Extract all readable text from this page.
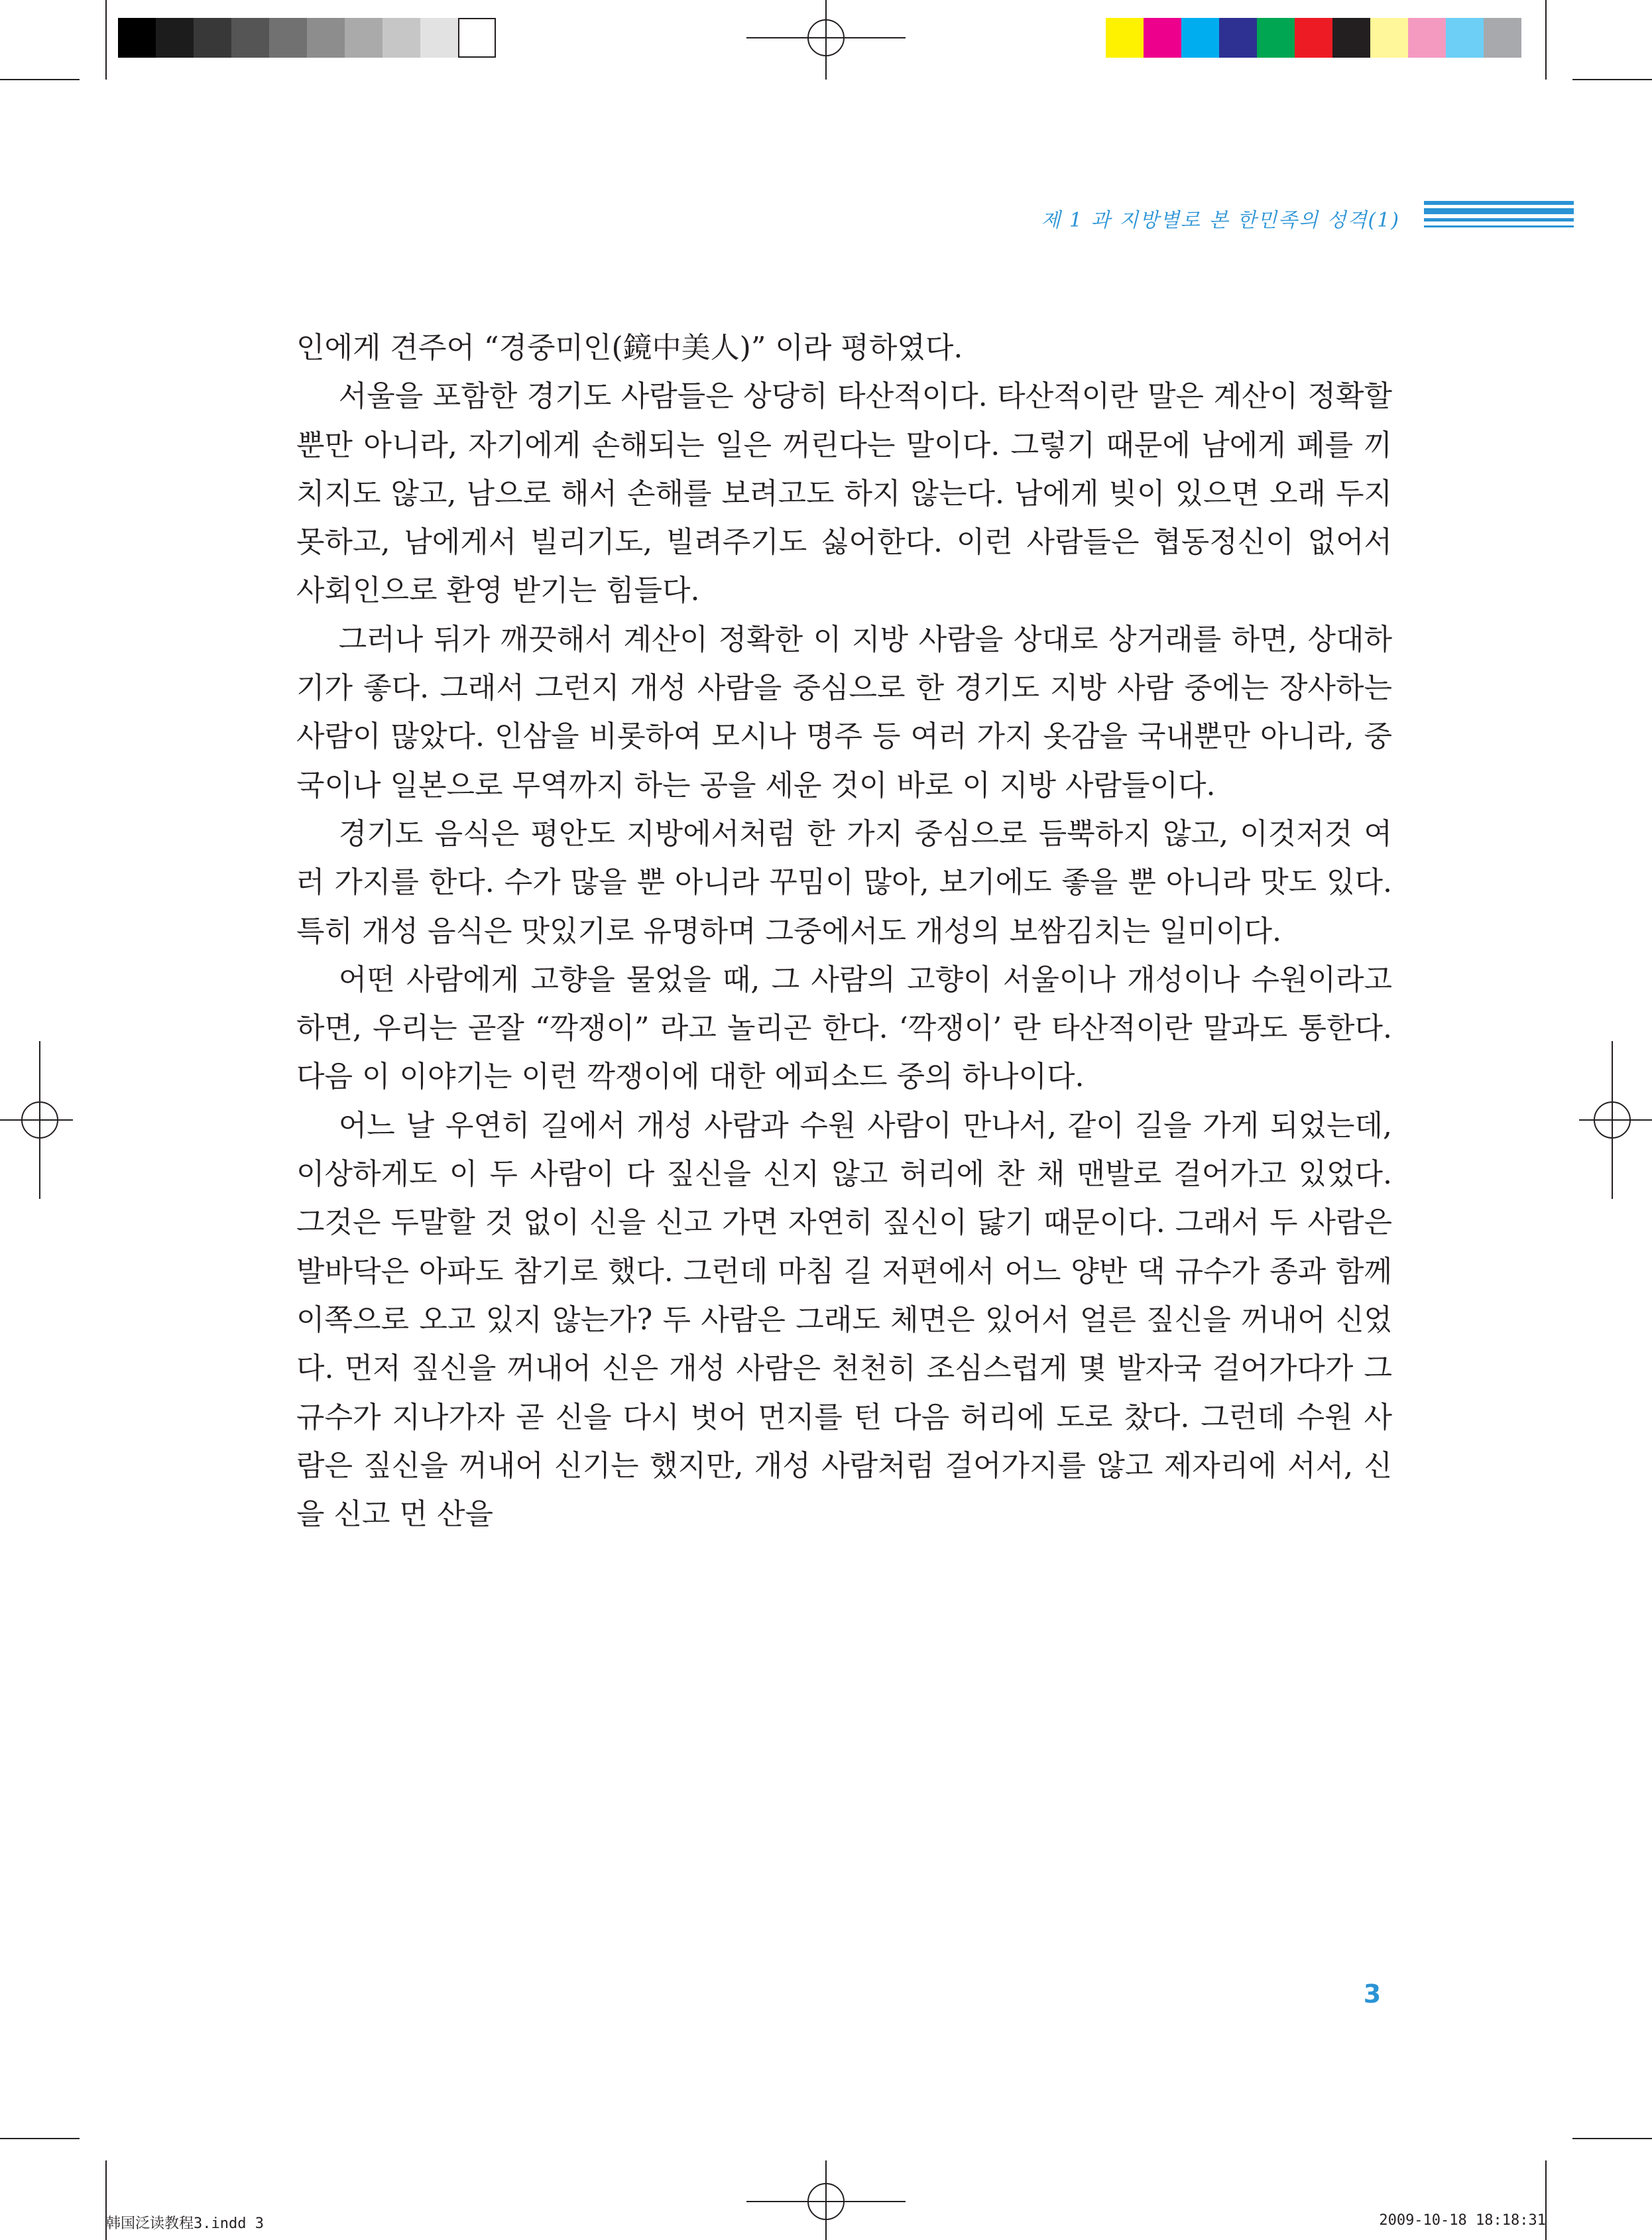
제 1 과 지방별로 본 한민족의 성격(1)

인에게 견주어 “경중미인(鏡中美人)” 이라 평하였다.

서울을 포함한 경기도 사람들은 상당히 타산적이다. 타산적이란 말은 계산이 정확할 뿐만 아니라, 자기에게 손해되는 일은 꺼린다는 말이다. 그렇기 때문에 남에게 폐를 끼치지도 않고, 남으로 해서 손해를 보려고도 하지 않는다. 남에게 빚이 있으면 오래 두지 못하고, 남에게서 빌리기도, 빌려주기도 싫어한다. 이런 사람들은 협동정신이 없어서 사회인으로 환영 받기는 힘들다.

그러나 뒤가 깨끗해서 계산이 정확한 이 지방 사람을 상대로 상거래를 하면, 상대하기가 좋다. 그래서 그런지 개성 사람을 중심으로 한 경기도 지방 사람 중에는 장사하는 사람이 많았다. 인삼을 비롯하여 모시나 명주 등 여러 가지 옷감을 국내뿐만 아니라, 중국이나 일본으로 무역까지 하는 공을 세운 것이 바로 이 지방 사람들이다.

경기도 음식은 평안도 지방에서처럼 한 가지 중심으로 듬뿍하지 않고, 이것저것 여러 가지를 한다. 수가 많을 뿐 아니라 꾸밈이 많아, 보기에도 좋을 뿐 아니라 맛도 있다. 특히 개성 음식은 맛있기로 유명하며 그중에서도 개성의 보쌈김치는 일미이다.

어떤 사람에게 고향을 물었을 때, 그 사람의 고향이 서울이나 개성이나 수원이라고 하면, 우리는 곧잘 “깍쟁이” 라고 놀리곤 한다. ‘깍쟁이’ 란 타산적이란 말과도 통한다. 다음 이 이야기는 이런 깍쟁이에 대한 에피소드 중의 하나이다.

어느 날 우연히 길에서 개성 사람과 수원 사람이 만나서, 같이 길을 가게 되었는데, 이상하게도 이 두 사람이 다 짚신을 신지 않고 허리에 찬 채 맨발로 걸어가고 있었다. 그것은 두말할 것 없이 신을 신고 가면 자연히 짚신이 닳기 때문이다. 그래서 두 사람은 발바닥은 아파도 참기로 했다. 그런데 마침 길 저편에서 어느 양반 댁 규수가 종과 함께 이쪽으로 오고 있지 않는가? 두 사람은 그래도 체면은 있어서 얼른 짚신을 꺼내어 신었다. 먼저 짚신을 꺼내어 신은 개성 사람은 천천히 조심스럽게 몇 발자국 걸어가다가 그 규수가 지나가자 곧 신을 다시 벗어 먼지를 턴 다음 허리에 도로 찼다. 그런데 수원 사람은 짚신을 꺼내어 신기는 했지만, 개성 사람처럼 걸어가지를 않고 제자리에 서서, 신을 신고 먼 산을

3
韩国泛读教程3.indd 3	2009-10-18 18:18:31
